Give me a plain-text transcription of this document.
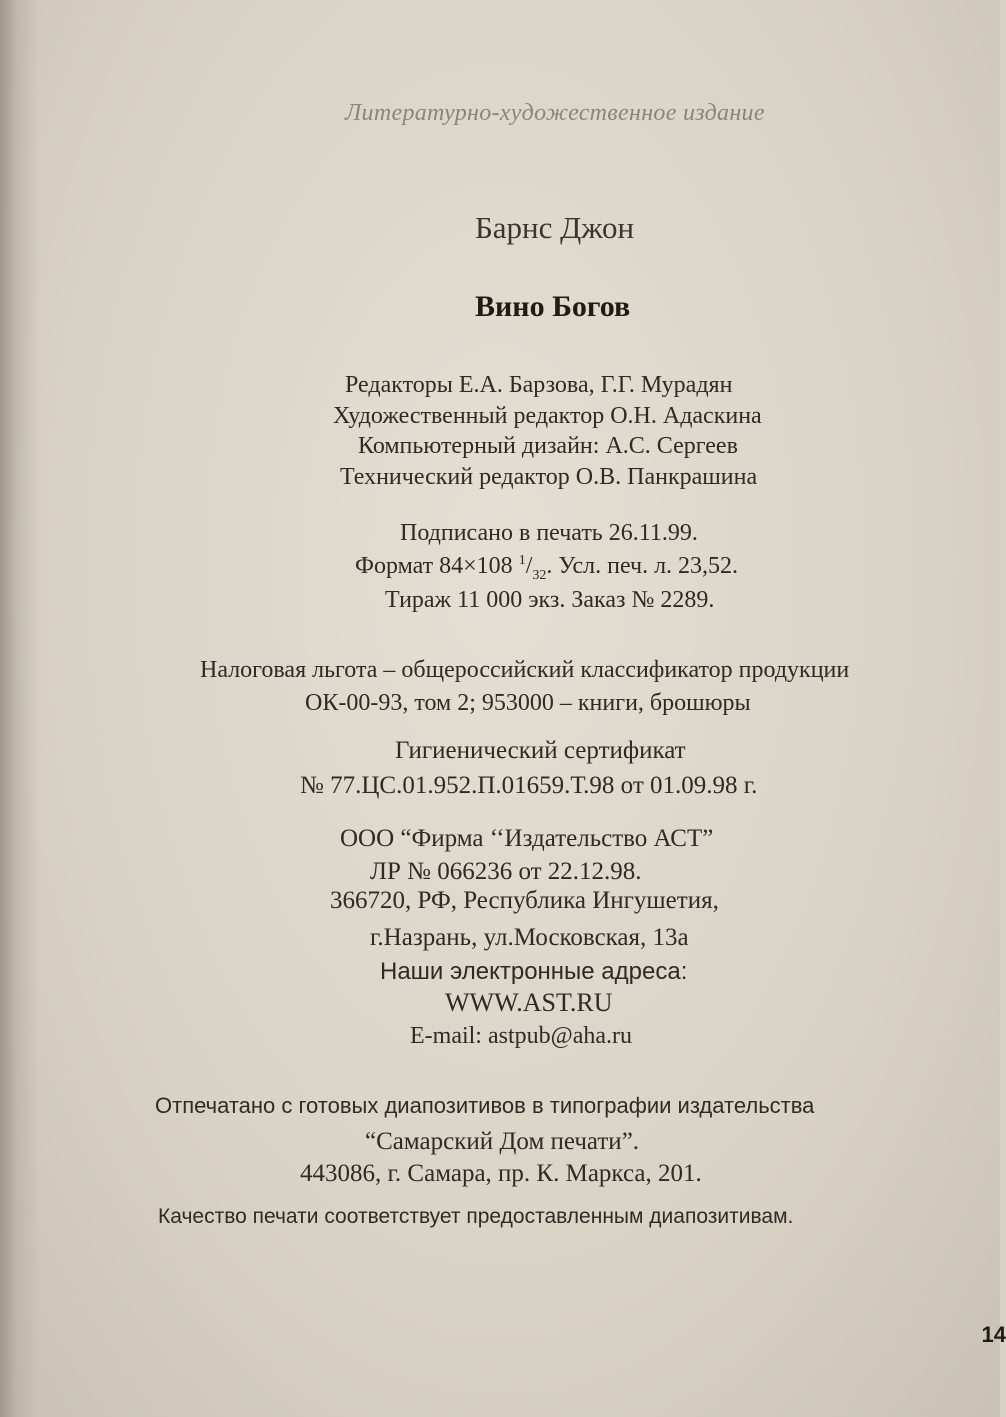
Литературно-художественное издание

Барнс Джон

Вино Богов

Редакторы Е.А. Барзова, Г.Г. Мурадян

Художественный редактор О.Н. Адаскина

Компьютерный дизайн: А.С. Сергеев

Технический редактор О.В. Панкрашина

Подписано в печать 26.11.99.

Формат 84×108 $^1/_{32}$. Усл. печ. л. 23,52.

Тираж 11 000 экз. Заказ № 2289.

Налоговая льгота – общероссийский классификатор продукции

ОК-00-93, том 2; 953000 – книги, брошюры

Гигиенический сертификат

№ 77.ЦС.01.952.П.01659.Т.98 от 01.09.98 г.

ООО “Фирма ‘‘Издательство АСТ”

ЛР № 066236 от 22.12.98.

366720, РФ, Республика Ингушетия,

г.Назрань, ул.Московская, 13а

Наши электронные адреса:

WWW.AST.RU

E-mail: astpub@aha.ru

Отпечатано с готовых диапозитивов в типографии издательства

“Самарский Дом печати”.

443086, г. Самара, пр. К. Маркса, 201.

Качество печати соответствует предоставленным диапозитивам.

14
